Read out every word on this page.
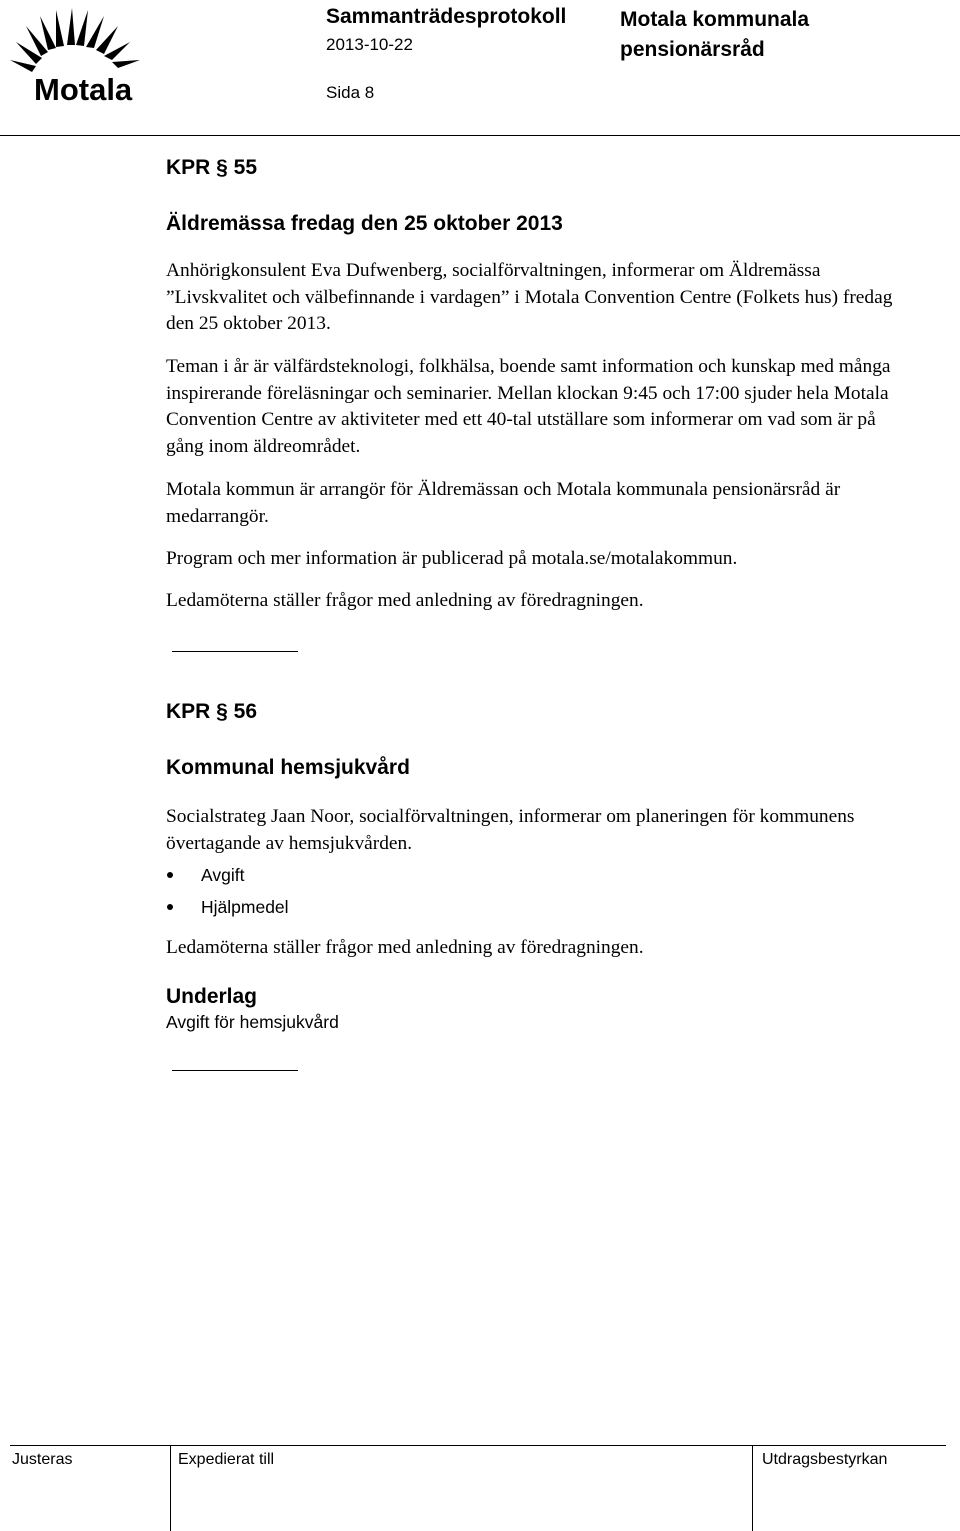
Motala
Sammanträdesprotokoll
2013-10-22
Motala kommunala
pensionärsråd
Sida 8
KPR § 55
Äldremässa fredag den 25 oktober 2013
Anhörigkonsulent Eva Dufwenberg, socialförvaltningen, informerar om Äldremässa ”Livskvalitet och välbefinnande i vardagen” i Motala Convention Centre (Folkets hus) fredag den 25 oktober 2013.
Teman i år är välfärdsteknologi, folkhälsa, boende samt information och kunskap med många inspirerande föreläsningar och seminarier. Mellan klockan 9:45 och 17:00 sjuder hela Motala Convention Centre av aktiviteter med ett 40-tal utställare som informerar om vad som är på gång inom äldreområdet.
Motala kommun är arrangör för Äldremässan och Motala kommunala pensionärsråd är medarrangör.
Program och mer information är publicerad på motala.se/motalakommun.
Ledamöterna ställer frågor med anledning av föredragningen.
KPR § 56
Kommunal hemsjukvård
Socialstrateg Jaan Noor, socialförvaltningen, informerar om planeringen för kommunens övertagande av hemsjukvården.
Avgift
Hjälpmedel
Ledamöterna ställer frågor med anledning av föredragningen.
Underlag
Avgift för hemsjukvård
Justeras	Expedierat till	Utdragsbestyrkan
